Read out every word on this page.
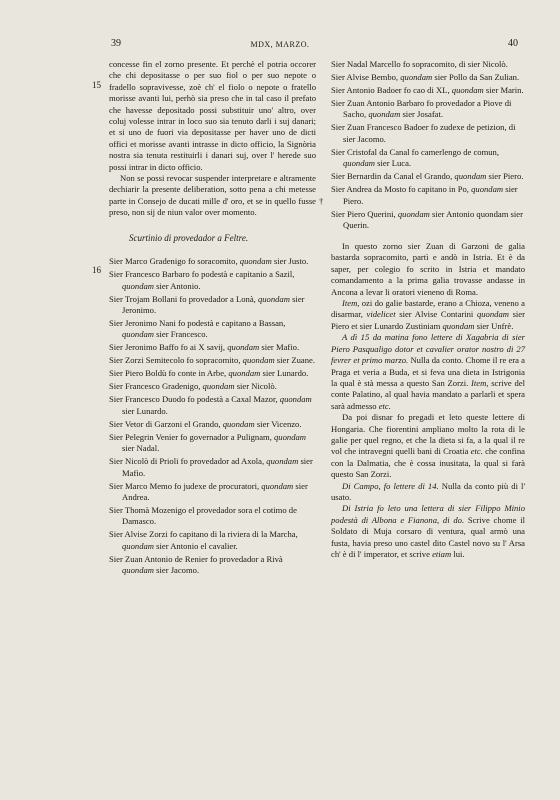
39	MDX, MARZO.	40
15
16

concesse fin el zorno presente. Et perchè el potria occorer che chi depositasse o per suo fiol o per suo nepote o fradello sopravivesse, zoè ch' el fiolo o nepote o fratello morisse avanti lui, perhò sia preso che in tal caso il prefato che havesse depositado possi substituir uno' altro, over coluj volesse intrar in loco suo sia tenuto darli i suj danari; et si uno de fuori via depositasse per haver uno de dicti offici et morisse avanti intrasse in dicto officio, la Signòria nostra sia tenuta restituirli i danari suj, over l' herede suo possi intrar in dicto officio.

Non se possi revocar suspender interpretare e altramente dechiarir la presente deliberation, sotto pena a chi metesse parte in Consejo de ducati mille d' oro, et se in quello fusse preso, non sij de niun valor over momento.

Scurtinio di provedador a Feltre.

Sier Marco Gradenigo fo soracomito, quondam sier Justo.

Sier Francesco Barbaro fo podestà e capitanio a Sazil, quondam sier Antonio.

Sier Trojam Bollani fo provedador a Lonà, quondam sier Jeronimo.

Sier Jeronimo Nani fo podestà e capitano a Bassan, quondam sier Francesco.

Sier Jeronimo Baffo fo ai X savij, quondam sier Mafio.

Sier Zorzi Semitecolo fo sopracomito, quondam sier Zuane.

Sier Piero Boldù fo conte in Arbe, quondam sier Lunardo.

Sier Francesco Gradenigo, quondam sier Nicolò.

Sier Francesco Duodo fo podestà a Caxal Mazor, quondam sier Lunardo.

Sier Vetor di Garzoni el Grando, quondam sier Vicenzo.

Sier Pelegrin Venier fo governador a Pulignam, quondam sier Nadal.

Sier Nicolò di Prioli fo provedador ad Axola, quondam sier Mafio.

Sier Marco Memo fo judexe de procuratori, quondam sier Andrea.

Sier Thomà Mozenigo el provedador sora el cotimo de Damasco.

Sier Alvise Zorzi fo capitano di la riviera di la Marcha, quondam sier Antonio el cavalier.

Sier Zuan Antonio de Renier fo provedador a Rivà quondam sier Jacomo.

Sier Nadal Marcello fo sopracomito, di sier Nicolò.

Sier Alvise Bembo, quondam sier Pollo da San Zulian.

Sier Antonio Badoer fo cao di XL, quondam sier Marin.

Sier Zuan Antonio Barbaro fo provedador a Piove di Sacho, quondam sier Josafat.

Sier Zuan Francesco Badoer fo zudexe de petizion, di sier Jacomo.

Sier Cristofal da Canal fo camerlengo de comun, quondam sier Luca.

Sier Bernardin da Canal el Grando, quondam sier Piero.

Sier Andrea da Mosto fo capitano in Po, quondam sier Piero.
†

Sier Piero Querini, quondam sier Antonio quondam sier Querin.

In questo zorno sier Zuan di Garzoni de galia bastarda sopracomito, partì e andò in Istria. Et è da saper, per colegio fo scrito in Istria et mandato comandamento a la prima galia trovasse andasse in Ancona a levar li oratori vieneno di Roma.

Item, ozi do galie bastarde, erano a Chioza, veneno a disarmar, videlicet sier Alvise Contarini quondam sier Piero et sier Lunardo Zustiniam quondam sier Unfrè.

A dì 15 da matina fono lettere di Xagabria di sier Piero Pasqualigo dotor et cavalier orator nostro di 27 fevrer et primo marzo. Nulla da conto. Chome il re era a Praga et veria a Buda, et si feva una dieta in Istrigonia la qual è stà messa a questo San Zorzi. Item, scrive del conte Palatino, al qual havia mandato a parlarli et spera sarà admesso etc.

Da poi disnar fo pregadi et leto queste lettere di Hongaria. Che fiorentini ampliano molto la rota di le galie per quel regno, et che la dieta si fa, a la qual il re vol che intravegni quelli bani di Croatia etc. che confina con la Dalmatia, che è cossa inusitata, la qual si farà questo San Zorzi.

Di Campo, fo lettere di 14. Nulla da conto più di l' usato.

Di Istria fo leto una lettera di sier Filippo Minio podestà di Albona e Fianona, di do. Scrive chome il Soldato di Muja corsaro di ventura, qual armò una fusta, havia preso uno castel dito Castel novo su l' Arsa ch' è di l' imperator, et scrive etiam lui.
